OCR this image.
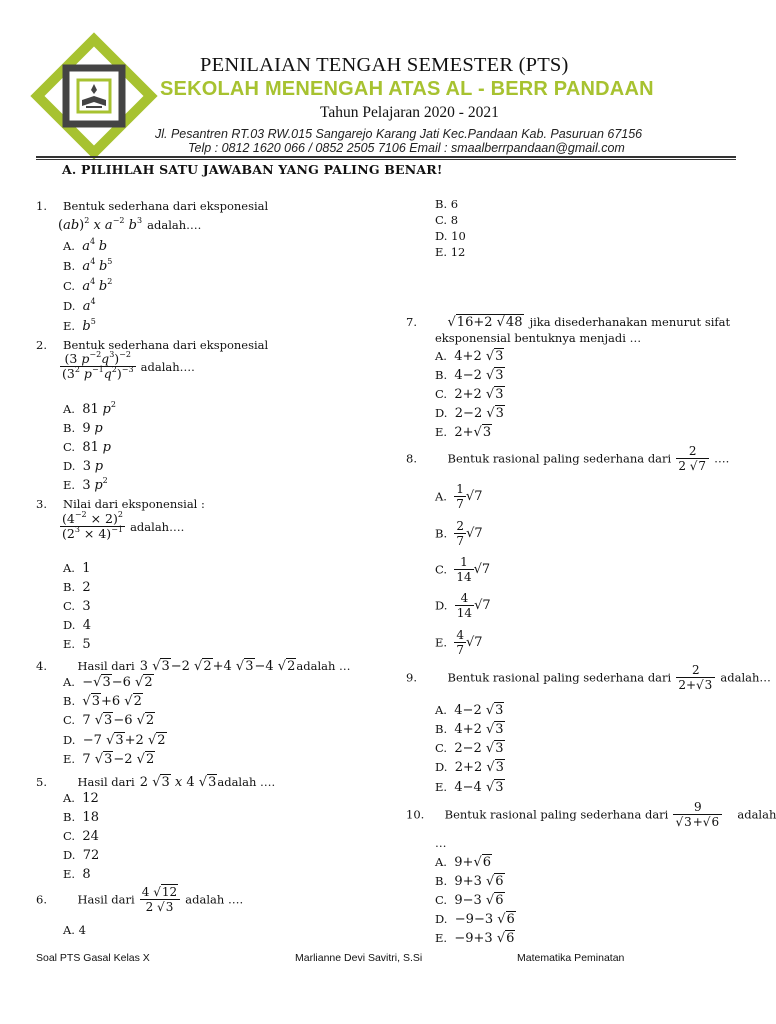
PENILAIAN TENGAH SEMESTER (PTS)
SEKOLAH MENENGAH ATAS AL - BERR PANDAAN
Tahun Pelajaran 2020 - 2021
Jl. Pesantren RT.03 RW.015 Sangarejo Karang Jati Kec.Pandaan Kab. Pasuruan 67156
Telp : 0812 1620 066 / 0852 2505 7106 Email : smaalberrpandaan@gmail.com
A. PILIHLAH SATU JAWABAN YANG PALING BENAR!
1. Bentuk sederhana dari eksponesial
(ab)$^2$ x $a^{-2}$ $b^3$ adalah….
A. $a^4$ b
B. $a^4$ $b^5$
C. $a^4$ $b^2$
D. $a^4$
E. $b^5$
2. Bentuk sederhana dari eksponesial
$\frac{(3 p^{-2}q^3)^{-2}}{(3^2 p^{-1}q^2)^{-3}}$ adalah….
A. 81 $p^2$
B. 9 p
C. 81 p
D. 3 p
E. 3 $p^2$
3. Nilai dari eksponensial :
$\frac{(4^{-2} \times 2)^2}{(2^3 \times 4)^{-1}}$ adalah….
A. 1
B. 2
C. 3
D. 4
E. 5
4.	Hasil dari 3 √3−2 √2+4 √3−4 √2adalah …
A. −√3−6 √2
B. √3+6 √2
C. 7 √3−6 √2
D. −7 √3+2 √2
E. 7 √3−2 √2
5.	Hasil dari 2 √3 x 4 √3adalah ….
A. 12
B. 18
C. 24
D. 72
E. 8
6.	Hasil dari $\frac{4 √12}{2 √3}$ adalah ….
A. 4
B. 6
C. 8
D. 10
E. 12
7. √16+2 √48 jika disederhanakan menurut sifat
eksponensial bentuknya menjadi …
A. 4+2 √3
B. 4−2 √3
C. 2+2 √3
D. 2−2 √3
E. 2+√3
8.	Bentuk rasional paling sederhana dari $\frac{2}{2 √7}$ ….
A. $\frac{1}{7} √7$
B. $\frac{2}{7} √7$
C. $\frac{1}{14} √7$
D. $\frac{4}{14} √7$
E. $\frac{4}{7} √7$
9.	Bentuk rasional paling sederhana dari $\frac{2}{2+√3}$ adalah…
A. 4−2 √3
B. 4+2 √3
C. 2−2 √3
D. 2+2 √3
E. 4−4 √3
10. Bentuk rasional paling sederhana dari $\frac{9}{√3+√6}$ adalah
…
A. 9+√6
B. 9+3 √6
C. 9−3 √6
D. −9−3 √6
E. −9+3 √6
Soal PTS Gasal Kelas X	Marlianne Devi Savitri, S.Si	Matematika Peminatan
